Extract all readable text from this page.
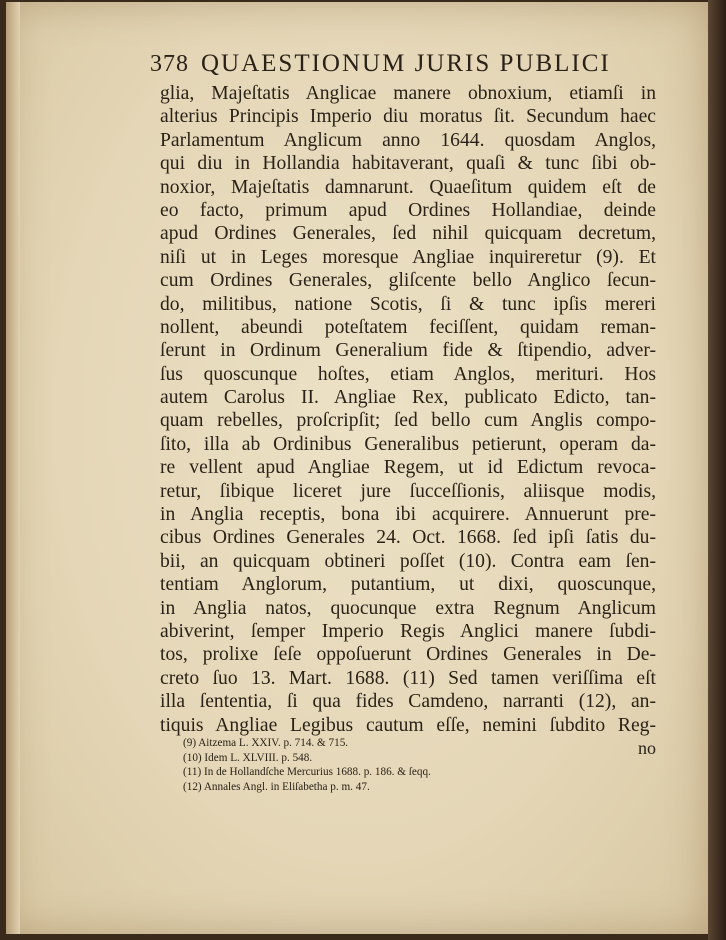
378 QUAESTIONUM JURIS PUBLICI
glia, Majeſtatis Anglicae manere obnoxium, etiamſi in
alterius Principis Imperio diu moratus ſit. Secundum haec
Parlamentum Anglicum anno 1644. quosdam Anglos,
qui diu in Hollandia habitaverant, quaſi & tunc ſibi ob-
noxior, Majeſtatis damnarunt. Quaeſitum quidem eſt de
eo facto, primum apud Ordines Hollandiae, deinde
apud Ordines Generales, ſed nihil quicquam decretum,
niſi ut in Leges moresque Angliae inquireretur (9). Et
cum Ordines Generales, gliſcente bello Anglico ſecun-
do, militibus, natione Scotis, ſi & tunc ipſis mereri
nollent, abeundi poteſtatem feciſſent, quidam reman-
ſerunt in Ordinum Generalium fide & ſtipendio, adver-
ſus quoscunque hoſtes, etiam Anglos, merituri. Hos
autem Carolus II. Angliae Rex, publicato Edicto, tan-
quam rebelles, proſcripſit; ſed bello cum Anglis compo-
ſito, illa ab Ordinibus Generalibus petierunt, operam da-
re vellent apud Angliae Regem, ut id Edictum revoca-
retur, ſibique liceret jure ſucceſſionis, aliisque modis,
in Anglia receptis, bona ibi acquirere. Annuerunt pre-
cibus Ordines Generales 24. Oct. 1668. ſed ipſi ſatis du-
bii, an quicquam obtineri poſſet (10). Contra eam ſen-
tentiam Anglorum, putantium, ut dixi, quoscunque,
in Anglia natos, quocunque extra Regnum Anglicum
abiverint, ſemper Imperio Regis Anglici manere ſubdi-
tos, prolixe ſeſe oppoſuerunt Ordines Generales in De-
creto ſuo 13. Mart. 1688. (11) Sed tamen veriſſima eſt
illa ſententia, ſi qua fides Camdeno, narranti (12), an-
tiquis Angliae Legibus cautum eſſe, nemini ſubdito Reg-
no
(9) Aitzema L. XXIV. p. 714. & 715.
(10) Idem L. XLVIII. p. 548.
(11) In de Hollandſche Mercurius 1688. p. 186. & ſeqq.
(12) Annales Angl. in Eliſabetha p. m. 47.
